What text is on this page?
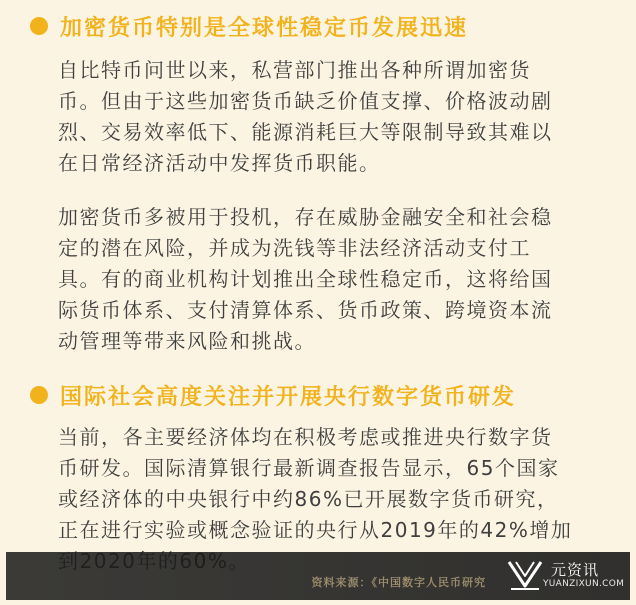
加密货币特别是全球性稳定币发展迅速
自比特币问世以来，私营部门推出各种所谓加密货
币。但由于这些加密货币缺乏价值支撑、价格波动剧
烈、交易效率低下、能源消耗巨大等限制导致其难以
在日常经济活动中发挥货币职能。
加密货币多被用于投机，存在威胁金融安全和社会稳
定的潜在风险，并成为洗钱等非法经济活动支付工
具。有的商业机构计划推出全球性稳定币，这将给国
际货币体系、支付清算体系、货币政策、跨境资本流
动管理等带来风险和挑战。
国际社会高度关注并开展央行数字货币研发
当前，各主要经济体均在积极考虑或推进央行数字货
币研发。国际清算银行最新调查报告显示，65个国家
或经济体的中央银行中约86%已开展数字货币研究，
正在进行实验或概念验证的央行从2019年的42%增加
资料来源：《中国数字人民币研究
元资讯
YUANZIXUN.COM
